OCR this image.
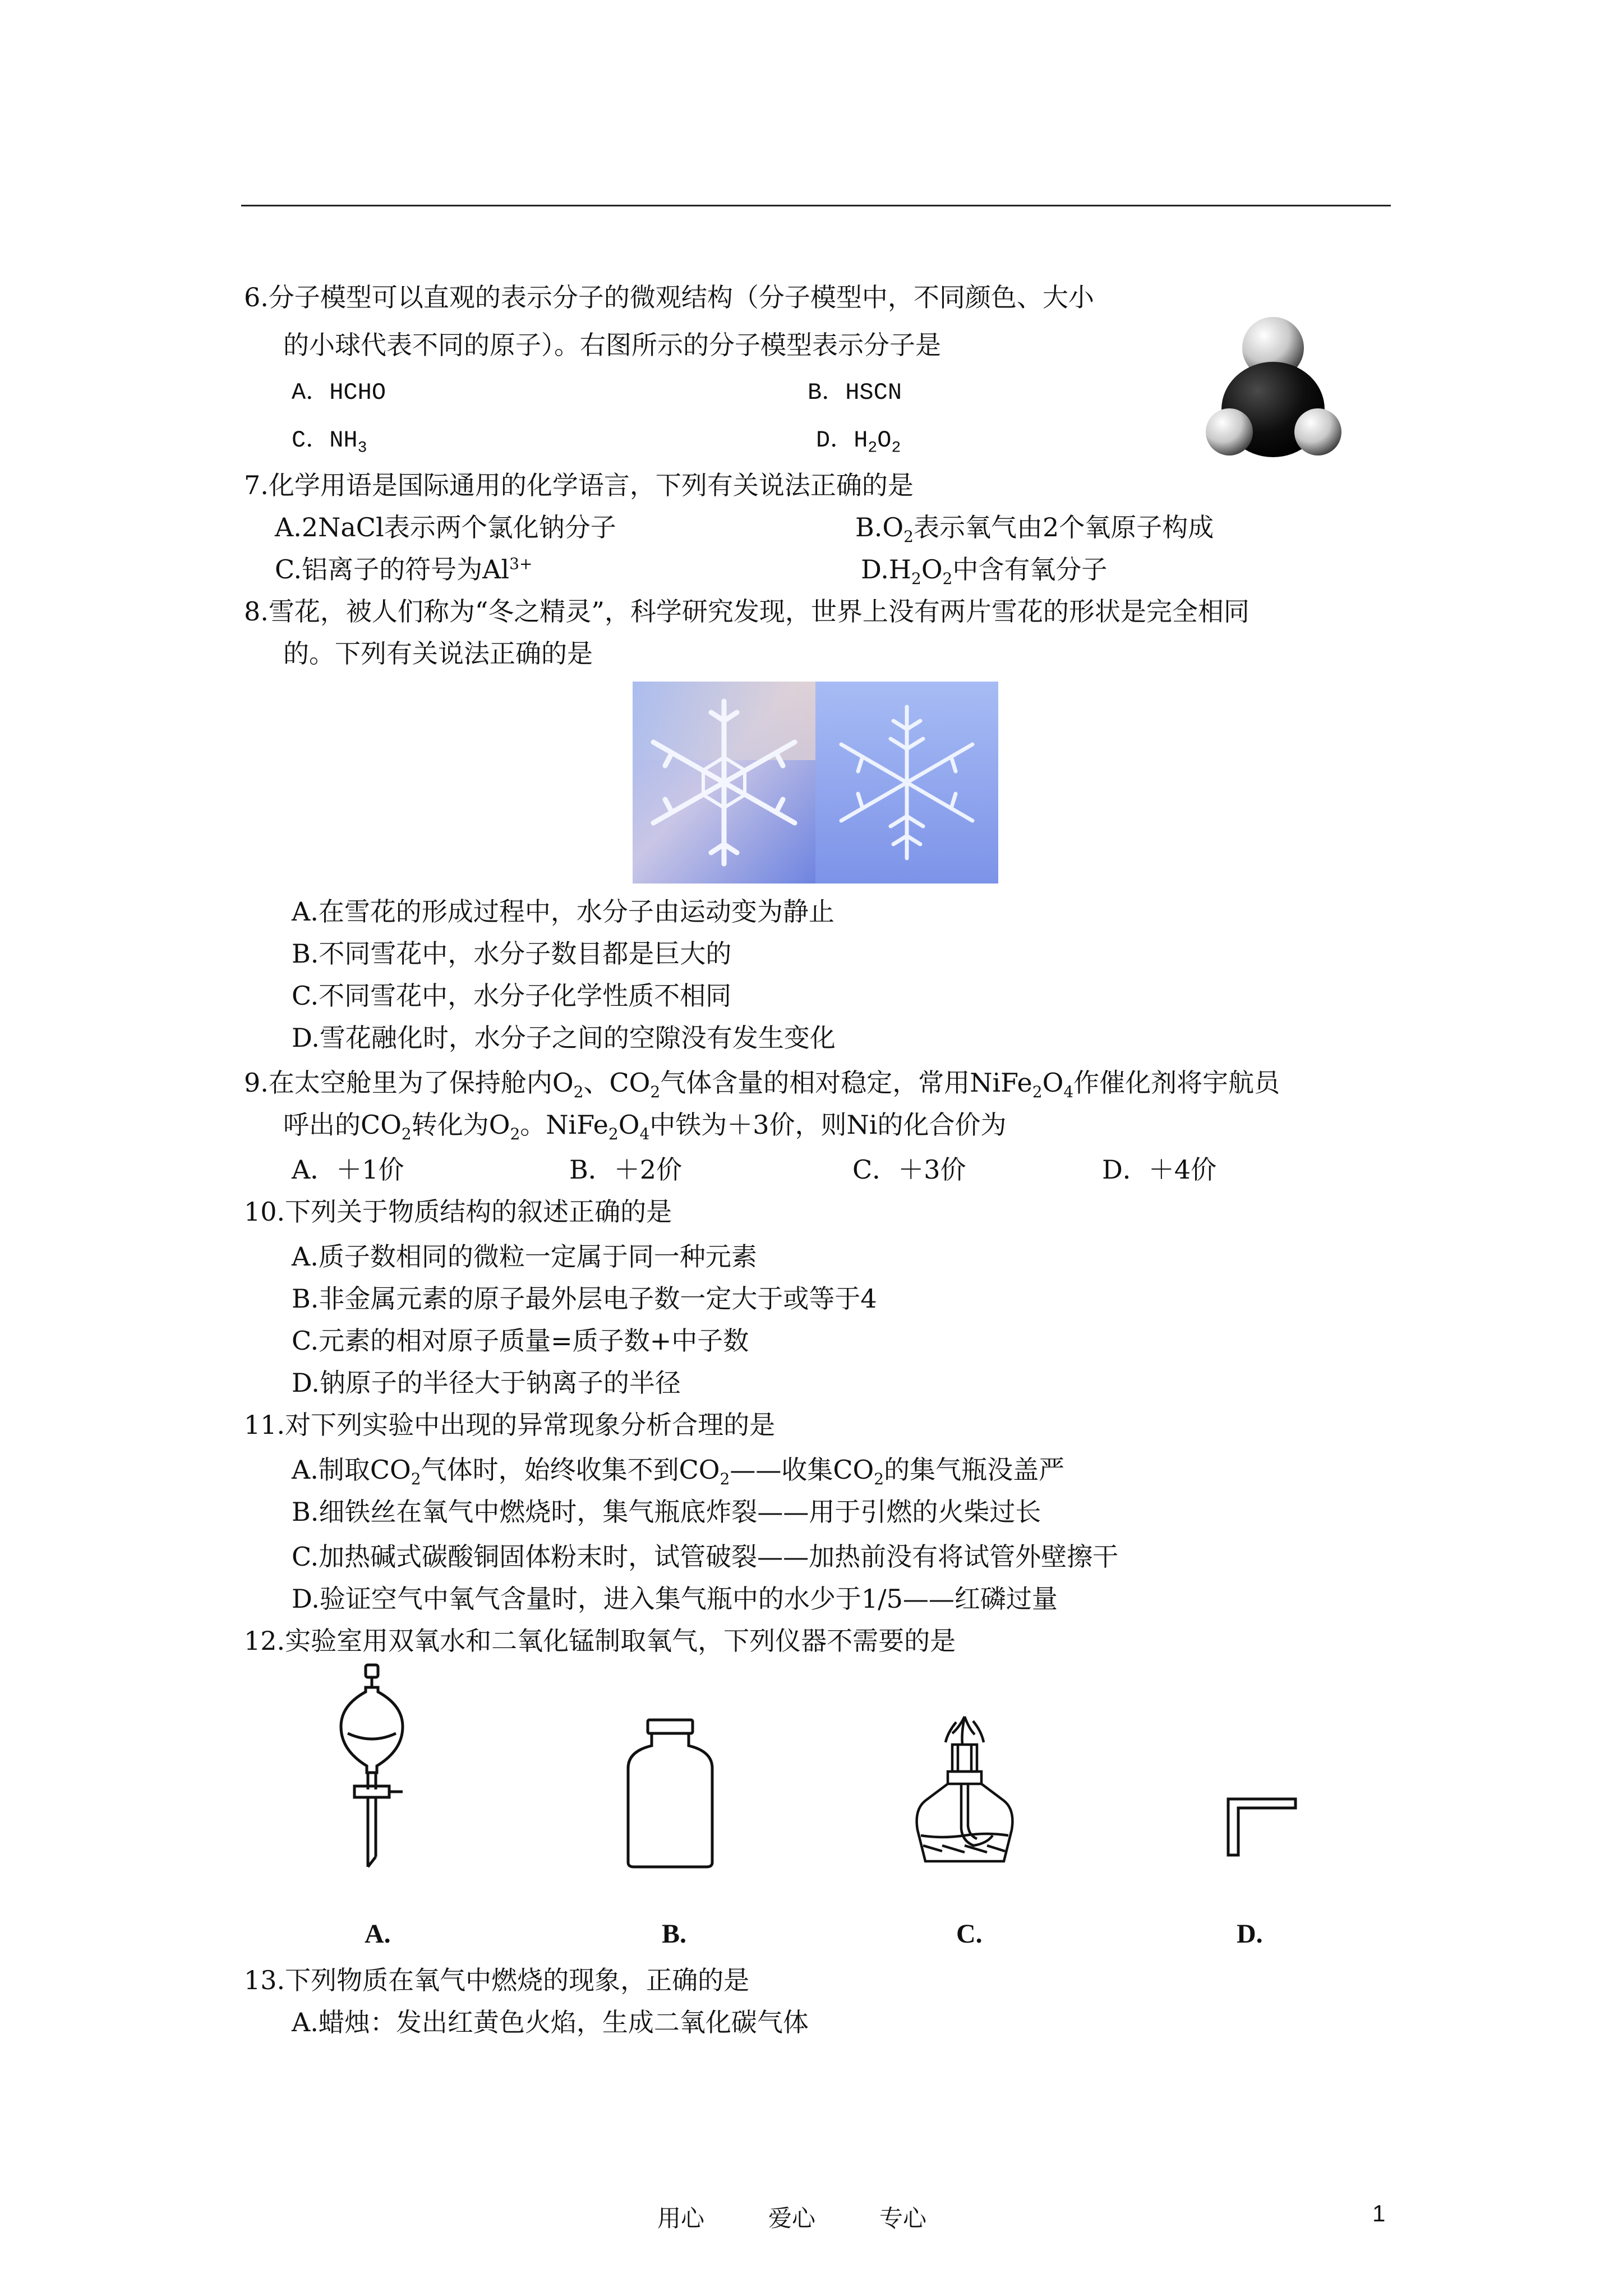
6.分子模型可以直观的表示分子的微观结构（分子模型中，不同颜色、大小
的小球代表不同的原子）。右图所示的分子模型表示分子是
A．HCHO	B．HSCN
C．$NH_3$	D．$H_2O_2$
7.化学用语是国际通用的化学语言，下列有关说法正确的是
A.2NaCl表示两个氯化钠分子	$B.O_2$表示氧气由2个氧原子构成
C.铝离子的符号为$Al^{3+}$	$D.H_2O_2$中含有氧分子
8.雪花，被人们称为“冬之精灵”，科学研究发现，世界上没有两片雪花的形状是完全相同
的。下列有关说法正确的是
A.在雪花的形成过程中，水分子由运动变为静止
B.不同雪花中，水分子数目都是巨大的
C.不同雪花中，水分子化学性质不相同
D.雪花融化时，水分子之间的空隙没有发生变化
9.在太空舱里为了保持舱内$O_2$、$CO_2$气体含量的相对稳定，常用$NiFe_2O_4$作催化剂将宇航员
呼出的$CO_2$转化为$O_2$。$NiFe_2O_4$中铁为＋3价，则Ni的化合价为
A．＋1价	B．＋2价	C．＋3价	D．＋4价
10.下列关于物质结构的叙述正确的是
A.质子数相同的微粒一定属于同一种元素
B.非金属元素的原子最外层电子数一定大于或等于4
C.元素的相对原子质量=质子数+中子数
D.钠原子的半径大于钠离子的半径
11.对下列实验中出现的异常现象分析合理的是
A.制取$CO_2$气体时，始终收集不到$CO_2——$收集$CO_2$的集气瓶没盖严
B.细铁丝在氧气中燃烧时，集气瓶底炸裂——用于引燃的火柴过长
C.加热碱式碳酸铜固体粉末时，试管破裂——加热前没有将试管外壁擦干
D.验证空气中氧气含量时，进入集气瓶中的水少于1/5——红磷过量
12.实验室用双氧水和二氧化锰制取氧气，下列仪器不需要的是
A.	B.	C.	D.
13.下列物质在氧气中燃烧的现象，正确的是
A.蜡烛：发出红黄色火焰，生成二氧化碳气体
用心	爱心	专心	1
